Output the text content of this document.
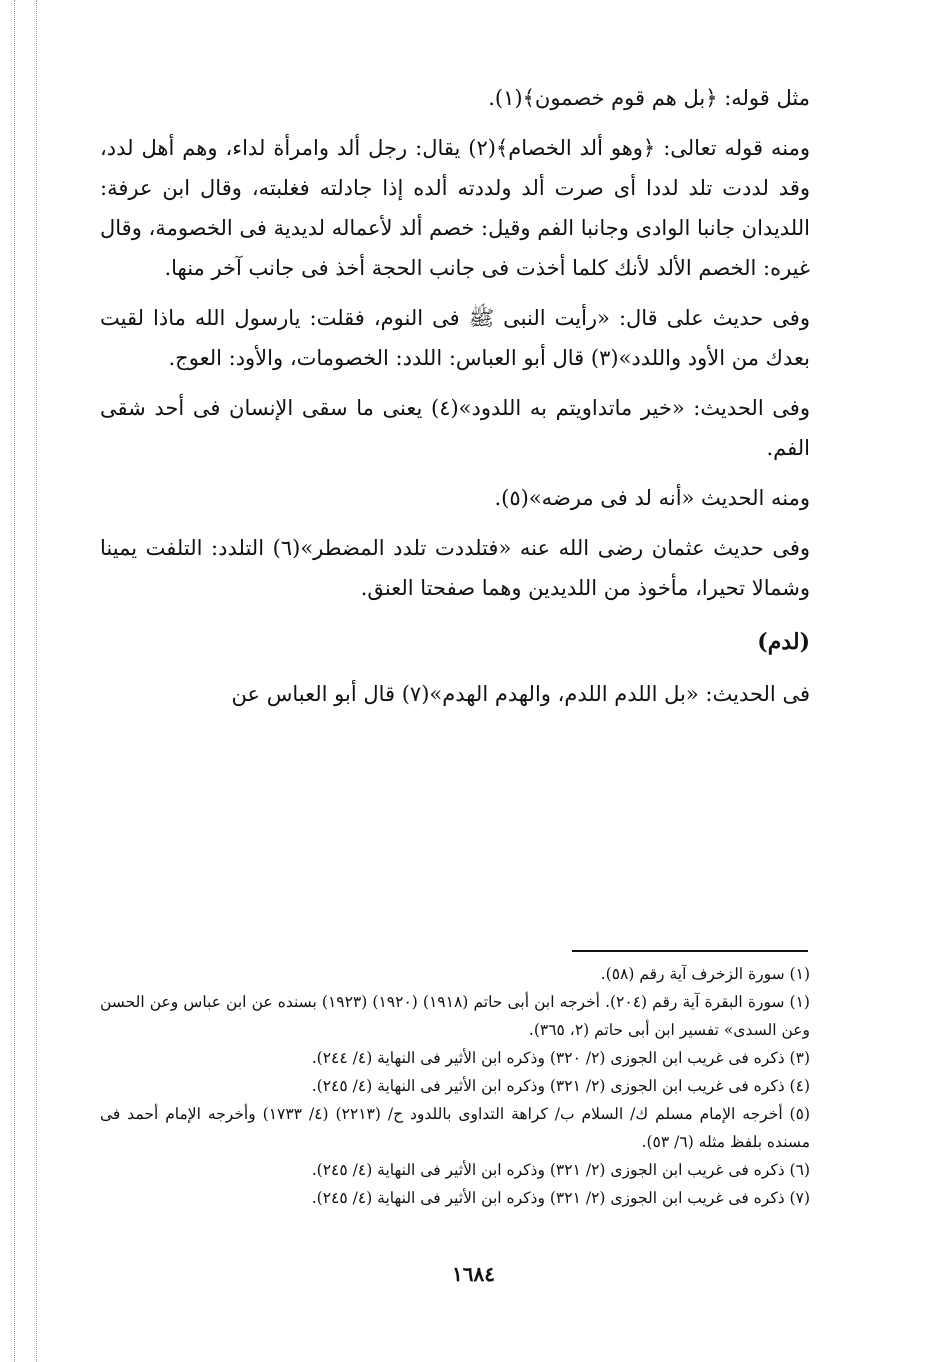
مثل قوله: ﴿بل هم قوم خصمون﴾(١).

ومنه قوله تعالى: ﴿وهو ألد الخصام﴾(٢) يقال: رجل ألد وامرأة لداء، وهم أهل لدد، وقد لددت تلد لددا أى صرت ألد ولددته ألده إذا جادلته فغلبته، وقال ابن عرفة: اللديدان جانبا الوادى وجانبا الفم وقيل: خصم ألد لأعماله لديدية فى الخصومة، وقال غيره: الخصم الألد لأنك كلما أخذت فى جانب الحجة أخذ فى جانب آخر منها.

وفى حديث على قال: «رأيت النبى ﷺ فى النوم، فقلت: يارسول الله ماذا لقيت بعدك من الأود واللدد»(٣) قال أبو العباس: اللدد: الخصومات، والأود: العوج.

وفى الحديث: «خير ماتداويتم به اللدود»(٤) يعنى ما سقى الإنسان فى أحد شقى الفم.

ومنه الحديث «أنه لد فى مرضه»(٥).

وفى حديث عثمان رضى الله عنه «فتلددت تلدد المضطر»(٦) التلدد: التلفت يمينا وشمالا تحيرا، مأخوذ من اللديدين وهما صفحتا العنق.

(لدم)

فى الحديث: «بل اللدم اللدم، والهدم الهدم»(٧) قال أبو العباس عن

(١) سورة الزخرف آية رقم (٥٨).

(١) سورة البقرة آية رقم (٢٠٤). أخرجه ابن أبى حاتم (١٩١٨) (١٩٢٠) (١٩٢٣) بسنده عن ابن عباس وعن الحسن وعن السدى» تفسير ابن أبى حاتم (٢، ٣٦٥).

(٣) ذكره فى غريب ابن الجوزى (٢/ ٣٢٠) وذكره ابن الأثير فى النهاية (٤/ ٢٤٤).

(٤) ذكره فى غريب ابن الجوزى (٢/ ٣٢١) وذكره ابن الأثير فى النهاية (٤/ ٢٤٥).

(٥) أخرجه الإمام مسلم ك/ السلام ب/ كراهة التداوى باللدود ح/ (٢٢١٣) (٤/ ١٧٣٣) وأخرجه الإمام أحمد فى مسنده بلفظ مثله (٦/ ٥٣).

(٦) ذكره فى غريب ابن الجوزى (٢/ ٣٢١) وذكره ابن الأثير فى النهاية (٤/ ٢٤٥).

(٧) ذكره فى غريب ابن الجوزى (٢/ ٣٢١) وذكره ابن الأثير فى النهاية (٤/ ٢٤٥).

١٦٨٤
